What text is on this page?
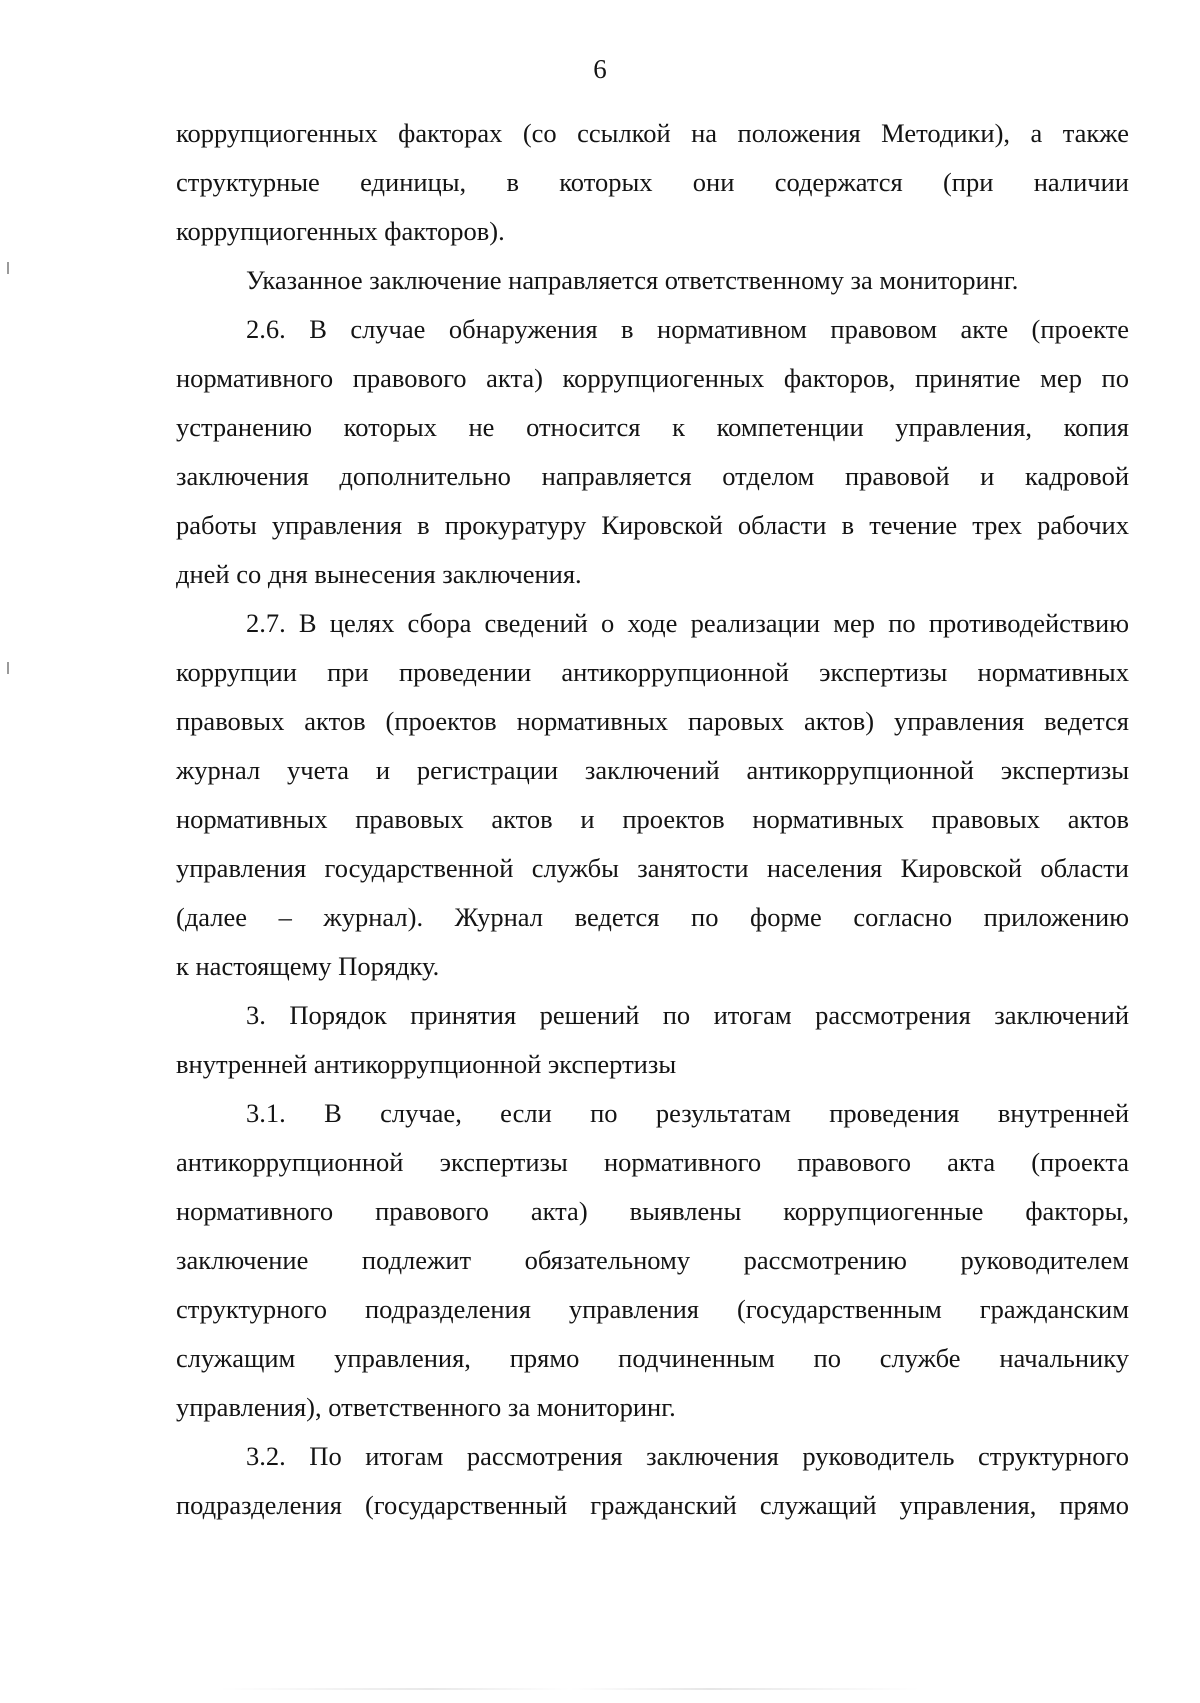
6
коррупциогенных факторах (со ссылкой на положения Методики), а также
структурные единицы, в которых они содержатся (при наличии
коррупциогенных факторов).
Указанное заключение направляется ответственному за мониторинг.
2.6. В случае обнаружения в нормативном правовом акте (проекте
нормативного правового акта) коррупциогенных факторов, принятие мер по
устранению которых не относится к компетенции управления, копия
заключения дополнительно направляется отделом правовой и кадровой
работы управления в прокуратуру Кировской области в течение трех рабочих
дней со дня вынесения заключения.
2.7. В целях сбора сведений о ходе реализации мер по противодействию
коррупции при проведении антикоррупционной экспертизы нормативных
правовых актов (проектов нормативных паровых актов) управления ведется
журнал учета и регистрации заключений антикоррупционной экспертизы
нормативных правовых актов и проектов нормативных правовых актов
управления государственной службы занятости населения Кировской области
(далее – журнал). Журнал ведется по форме согласно приложению
к настоящему Порядку.
3. Порядок принятия решений по итогам рассмотрения заключений
внутренней антикоррупционной экспертизы
3.1. В случае, если по результатам проведения внутренней
антикоррупционной экспертизы нормативного правового акта (проекта
нормативного правового акта) выявлены коррупциогенные факторы,
заключение подлежит обязательному рассмотрению руководителем
структурного подразделения управления (государственным гражданским
служащим управления, прямо подчиненным по службе начальнику
управления), ответственного за мониторинг.
3.2. По итогам рассмотрения заключения руководитель структурного
подразделения (государственный гражданский служащий управления, прямо
